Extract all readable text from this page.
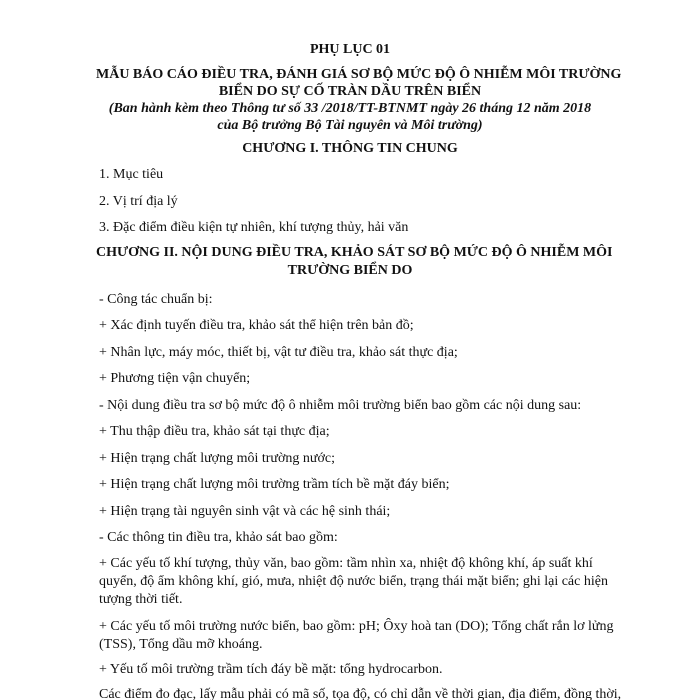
PHỤ LỤC 01
MẪU BÁO CÁO ĐIỀU TRA, ĐÁNH GIÁ SƠ BỘ MỨC ĐỘ Ô NHIỄM MÔI TRƯỜNG
BIỂN DO SỰ CỐ TRÀN DẦU TRÊN BIỂN
(Ban hành kèm theo Thông tư số 33 /2018/TT-BTNMT ngày 26 tháng 12 năm 2018
của Bộ trưởng Bộ Tài nguyên và Môi trường)
CHƯƠNG I. THÔNG TIN CHUNG
1. Mục tiêu
2. Vị trí địa lý
3. Đặc điểm điều kiện tự nhiên, khí tượng thủy, hải văn
CHƯƠNG II. NỘI DUNG ĐIỀU TRA, KHẢO SÁT SƠ BỘ MỨC ĐỘ Ô NHIỄM MÔI
TRƯỜNG BIỂN DO
- Công tác chuẩn bị:
+ Xác định tuyến điều tra, khảo sát thể hiện trên bản đồ;
+ Nhân lực, máy móc, thiết bị, vật tư điều tra, khảo sát thực địa;
+ Phương tiện vận chuyển;
- Nội dung điều tra sơ bộ mức độ ô nhiễm môi trường biển bao gồm các nội dung sau:
+ Thu thập điều tra, khảo sát tại thực địa;
+ Hiện trạng chất lượng môi trường nước;
+ Hiện trạng chất lượng môi trường trầm tích bề mặt đáy biển;
+ Hiện trạng tài nguyên sinh vật và các hệ sinh thái;
- Các thông tin điều tra, khảo sát bao gồm:
+ Các yếu tố khí tượng, thủy văn, bao gồm: tầm nhìn xa, nhiệt độ không khí, áp suất khí
quyển, độ ẩm không khí, gió, mưa, nhiệt độ nước biển, trạng thái mặt biển; ghi lại các hiện
tượng thời tiết.
+ Các yếu tố môi trường nước biển, bao gồm: pH; Ôxy hoà tan (DO); Tổng chất rắn lơ lửng
(TSS), Tổng dầu mỡ khoáng.
+ Yếu tố môi trường trầm tích đáy bề mặt: tổng hydrocarbon.
Các điểm đo đạc, lấy mẫu phải có mã số, tọa độ, có chỉ dẫn về thời gian, địa điểm, đồng thời,
